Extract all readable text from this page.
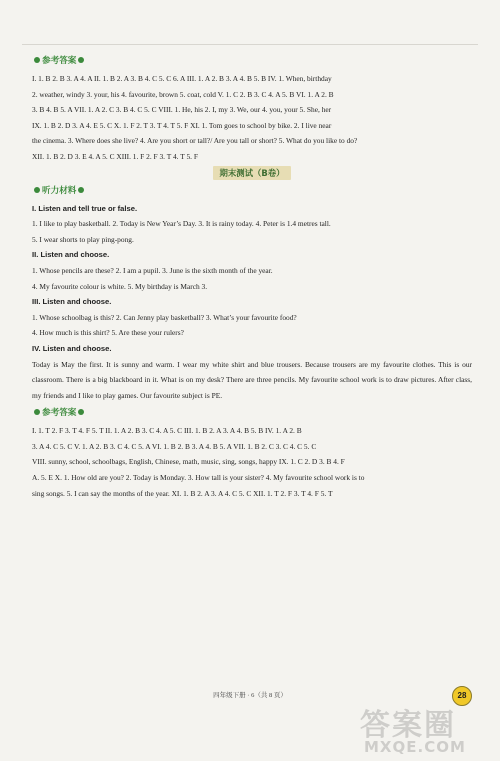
参考答案
I. 1. B 2. B 3. A 4. A II. 1. B 2. A 3. B 4. C 5. C 6. A III. 1. A 2. B 3. A 4. B 5. B IV. 1. When, birthday
2. weather, windy 3. your, his 4. favourite, brown 5. coat, cold V. 1. C 2. B 3. C 4. A 5. B VI. 1. A 2. B
3. B 4. B 5. A VII. 1. A 2. C 3. B 4. C 5. C VIII. 1. He, his 2. I, my 3. We, our 4. you, your 5. She, her
IX. 1. B 2. D 3. A 4. E 5. C X. 1. F 2. T 3. T 4. T 5. F XI. 1. Tom goes to school by bike. 2. I live near
the cinema. 3. Where does she live? 4. Are you short or tall?/ Are you tall or short? 5. What do you like to do?
XII. 1. B 2. D 3. E 4. A 5. C XIII. 1. F 2. F 3. T 4. T 5. F
期末测试（B卷）
听力材料
I. Listen and tell true or false.
1. I like to play basketball. 2. Today is New Year’s Day. 3. It is rainy today. 4. Peter is 1.4 metres tall.
5. I wear shorts to play ping-pong.
II. Listen and choose.
1. Whose pencils are these? 2. I am a pupil. 3. June is the sixth month of the year.
4. My favourite colour is white. 5. My birthday is March 3.
III. Listen and choose.
1. Whose schoolbag is this? 2. Can Jenny play basketball? 3. What’s your favourite food?
4. How much is this shirt? 5. Are these your rulers?
IV. Listen and choose.
Today is May the first. It is sunny and warm. I wear my white shirt and blue trousers. Because trousers are my favourite clothes. This is our classroom. There is a big blackboard in it. What is on my desk? There are three pencils. My favourite school work is to draw pictures. After class, my friends and I like to play games. Our favourite subject is PE.
参考答案
I. 1. T 2. F 3. T 4. F 5. T II. 1. A 2. B 3. C 4. A 5. C III. 1. B 2. A 3. A 4. B 5. B IV. 1. A 2. B
3. A 4. C 5. C V. 1. A 2. B 3. C 4. C 5. A VI. 1. B 2. B 3. A 4. B 5. A VII. 1. B 2. C 3. C 4. C 5. C
VIII. sunny, school, schoolbags, English, Chinese, math, music, sing, songs, happy IX. 1. C 2. D 3. B 4. F
A. 5. E X. 1. How old are you? 2. Today is Monday. 3. How tall is your sister? 4. My favourite school work is to
sing songs. 5. I can say the months of the year. XI. 1. B 2. A 3. A 4. C 5. C XII. 1. T 2. F 3. T 4. F 5. T
四年级下册 · 6（共 8 页）	28
答案圈
MXQE.COM
